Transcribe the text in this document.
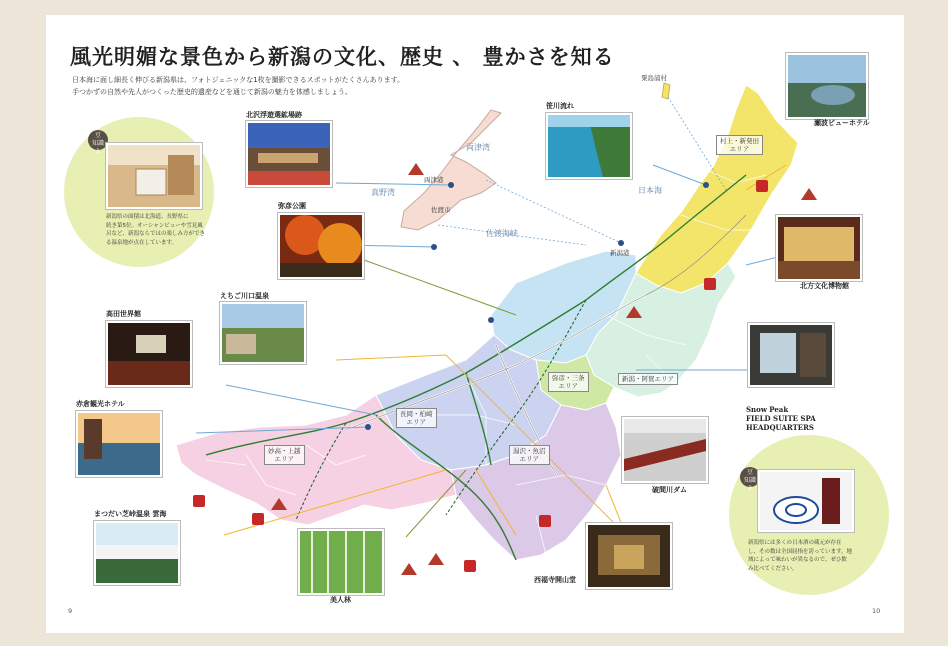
風光明媚な景色から新潟の文化、歴史 、 豊かさを知る
日本海に面し細長く伸びる新潟県は、フォトジェニックな1枚を撮影できるスポットがたくさんあります。
手つかずの自然や先人がつくった歴史的遺産などを通じて新潟の魅力を体感しましょう。
両津湾
真野湾
佐渡海峡
日本海
粟島浦村
佐渡市
両津港
新潟港
村上・新発田
エリア
弥彦・三条
エリア
新潟・阿賀エリア
長岡・柏崎
エリア
湯沢・魚沼
エリア
妙高・上越
エリア
豆
知識
1
新潟県の面積は北海道、長野県に
続き第5位。オーシャンビューや雪見風
呂など、新潟ならではの楽しみ方ができ
る温泉地が点在しています。
豆
知識
2
新潟県には多くの日本酒の蔵元が存在
し、その数は全国屈指を誇っています。地
域によって味わいが異なるので、ぜひ飲
み比べてください。
北沢浮遊選鉱場跡
笹川流れ
瀬波ビューホテル
弥彦公園
北方文化博物館
えちご川口温泉
高田世界館

Snow Peak
FIELD SUITE SPA
HEADQUARTERS

赤倉観光ホテル
破間川ダム
まつだい芝峠温泉 雲海
西福寺開山堂
美人林
9	10
